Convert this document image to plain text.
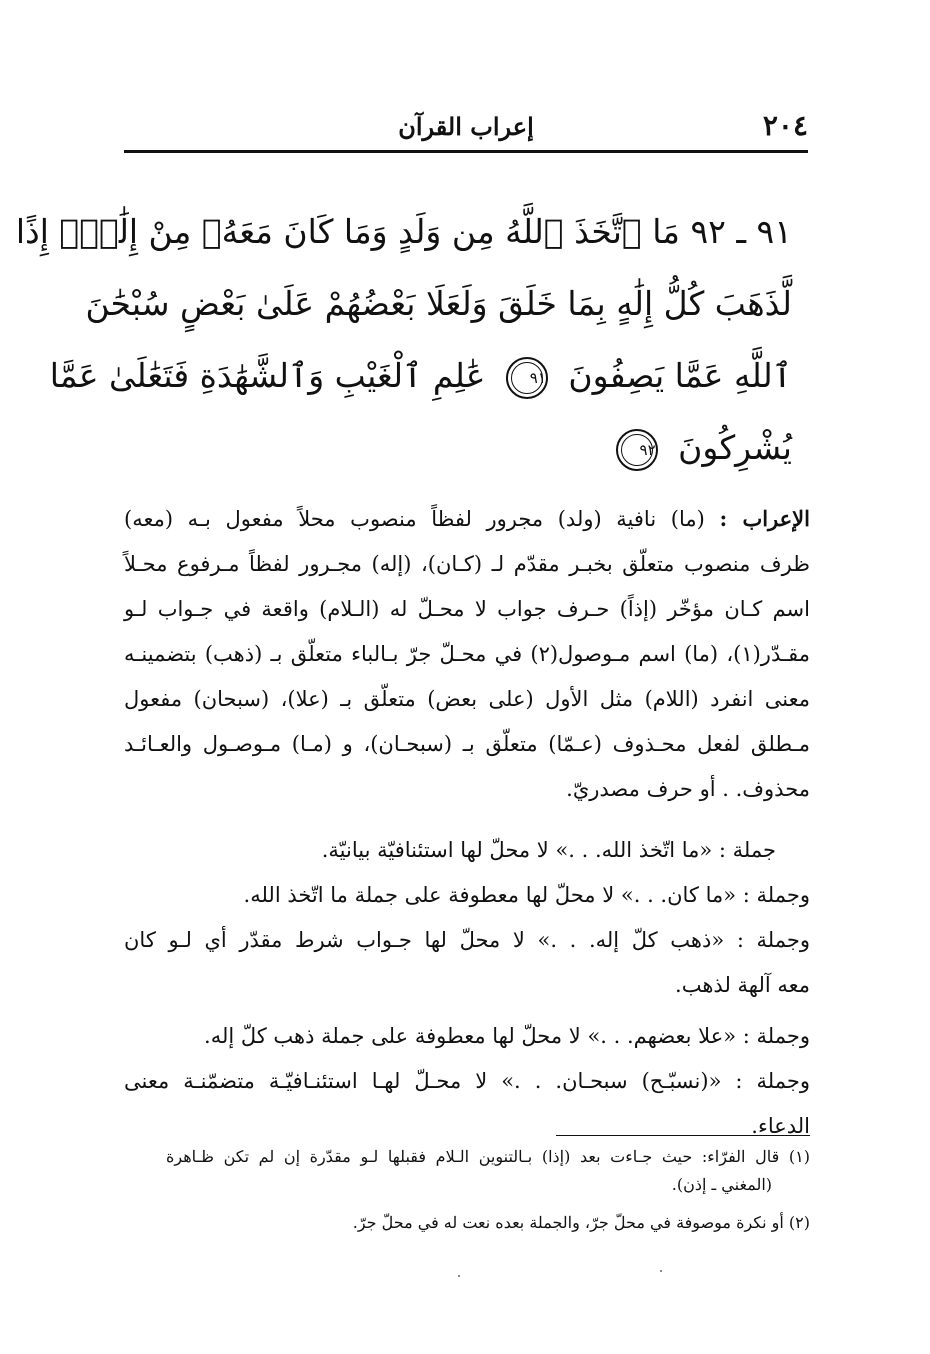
٢٠٤
إعراب القرآن
٩١ ـ ٩٢ مَا ٱتَّخَذَ ٱللَّهُ مِن وَلَدٍ وَمَا كَانَ مَعَهُۥ مِنْ إِلَٰهٍۚ إِذًا
لَّذَهَبَ كُلُّ إِلَٰهٍ بِمَا خَلَقَ وَلَعَلَا بَعْضُهُمْ عَلَىٰ بَعْضٍ سُبْحَٰنَ
ٱللَّهِ عَمَّا يَصِفُونَ ٩١ عَٰلِمِ ٱلْغَيْبِ وَٱلشَّهَٰدَةِ فَتَعَٰلَىٰ عَمَّا
يُشْرِكُونَ ٩٢
الإعراب : (ما) نافية (ولد) مجرور لفظاً منصوب محلاً مفعول بـه (معه)
ظرف منصوب متعلّق بخبـر مقدّم لـ (كـان)، (إله) مجـرور لفظاً مـرفوع محـلاً
اسم كـان مؤخّر (إذاً) حـرف جواب لا محـلّ له (الـلام) واقعة في جـواب لـو
مقـدّر(١)، (ما) اسم مـوصول(٢) في محـلّ جرّ بـالباء متعلّق بـ (ذهب) بتضمينـه
معنى انفرد (اللام) مثل الأول (على بعض) متعلّق بـ (علا)، (سبحان) مفعول
مـطلق لفعل محـذوف (عـمّا) متعلّق بـ (سبحـان)، و (مـا) مـوصـول والعـائـد
محذوف. . أو حرف مصدريّ.
جملة : «ما اتّخذ الله. . .» لا محلّ لها استئنافيّة بيانيّة.
وجملة : «ما كان. . .» لا محلّ لها معطوفة على جملة ما اتّخذ الله.
وجملة : «ذهب كلّ إله. . .» لا محلّ لها جـواب شرط مقدّر أي لـو كان
معه آلهة لذهب.
وجملة : «علا بعضهم. . .» لا محلّ لها معطوفة على جملة ذهب كلّ إله.
وجملة : «(نسبّـح) سبحـان. . .» لا محـلّ لهـا استئنـافيّـة متضمّنـة معنى
الدعاء.
(١) قال الفرّاء: حيث جـاءت بعد (إذا) بـالتنوين الـلام فقبلها لـو مقدّرة إن لم تكن ظـاهرة
(المغني ـ إذن).
(٢) أو نكرة موصوفة في محلّ جرّ، والجملة بعده نعت له في محلّ جرّ.
